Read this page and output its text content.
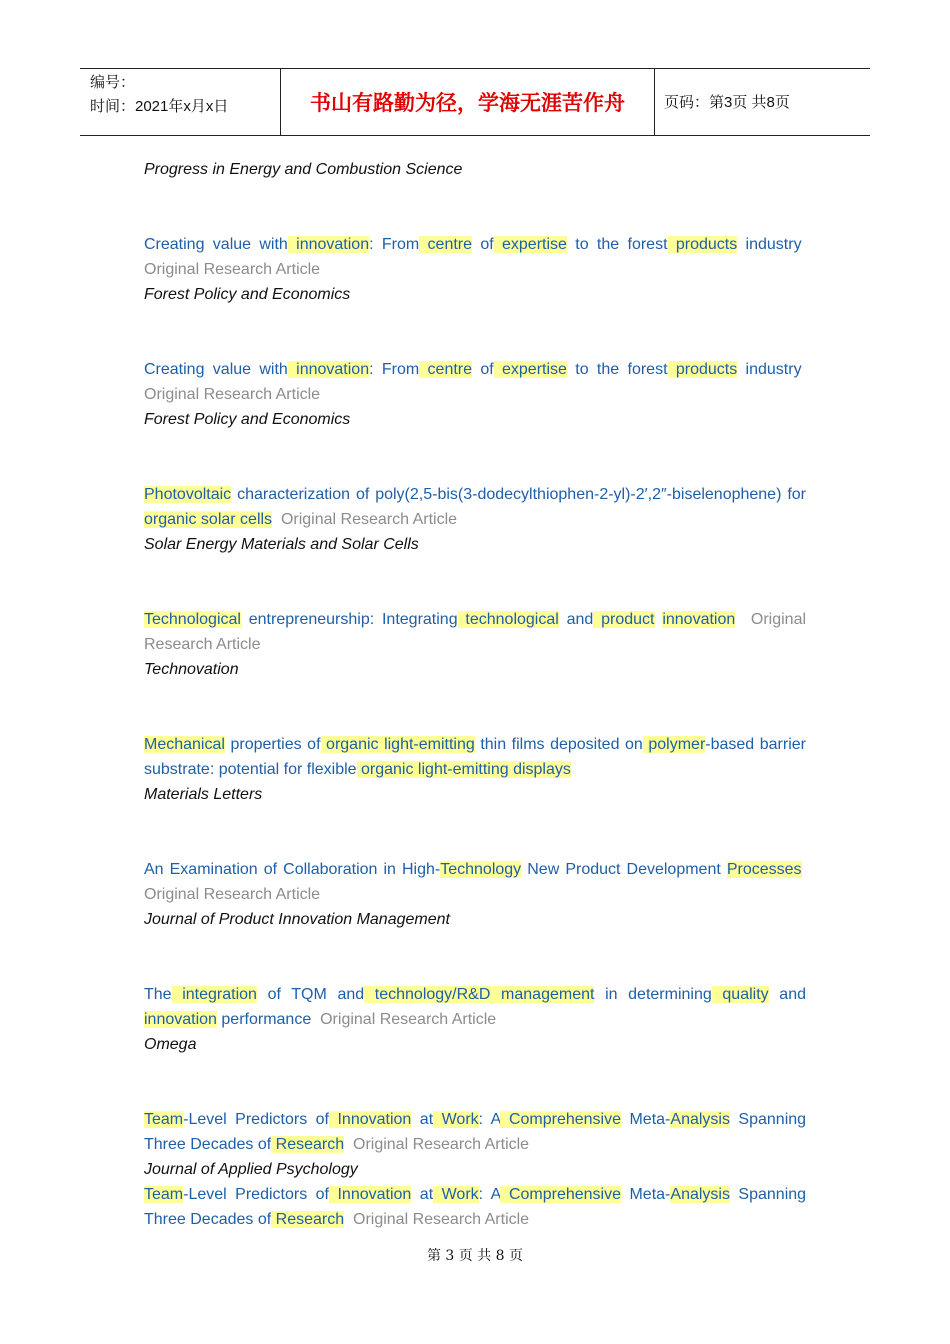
编号：
时间：2021年x月x日	书山有路勤为径，学海无涯苦作舟	页码：第3页 共8页

Progress in Energy and Combustion Science

Creating value with innovation: From centre of expertise to the forest products industry  Original Research Article

Forest Policy and Economics

Creating value with innovation: From centre of expertise to the forest products industry  Original Research Article

Forest Policy and Economics

Photovoltaic characterization of poly(2,5-bis(3-dodecylthiophen-2-yl)-2′,2″-biselenophene) for organic solar cells  Original Research Article

Solar Energy Materials and Solar Cells

Technological entrepreneurship: Integrating technological and product innovation  Original Research Article

Technovation

Mechanical properties of organic light-emitting thin films deposited on polymer-based barrier substrate: potential for flexible organic light-emitting displays

Materials Letters

An Examination of Collaboration in High-Technology New Product Development Processes  Original Research Article

Journal of Product Innovation Management

The integration of TQM and technology/R&D management in determining quality and innovation performance  Original Research Article

Omega

Team-Level Predictors of Innovation at Work: A Comprehensive Meta-Analysis Spanning Three Decades of Research  Original Research Article

Journal of Applied Psychology

Team-Level Predictors of Innovation at Work: A Comprehensive Meta-Analysis Spanning Three Decades of Research  Original Research Article

第 3 页 共 8 页
